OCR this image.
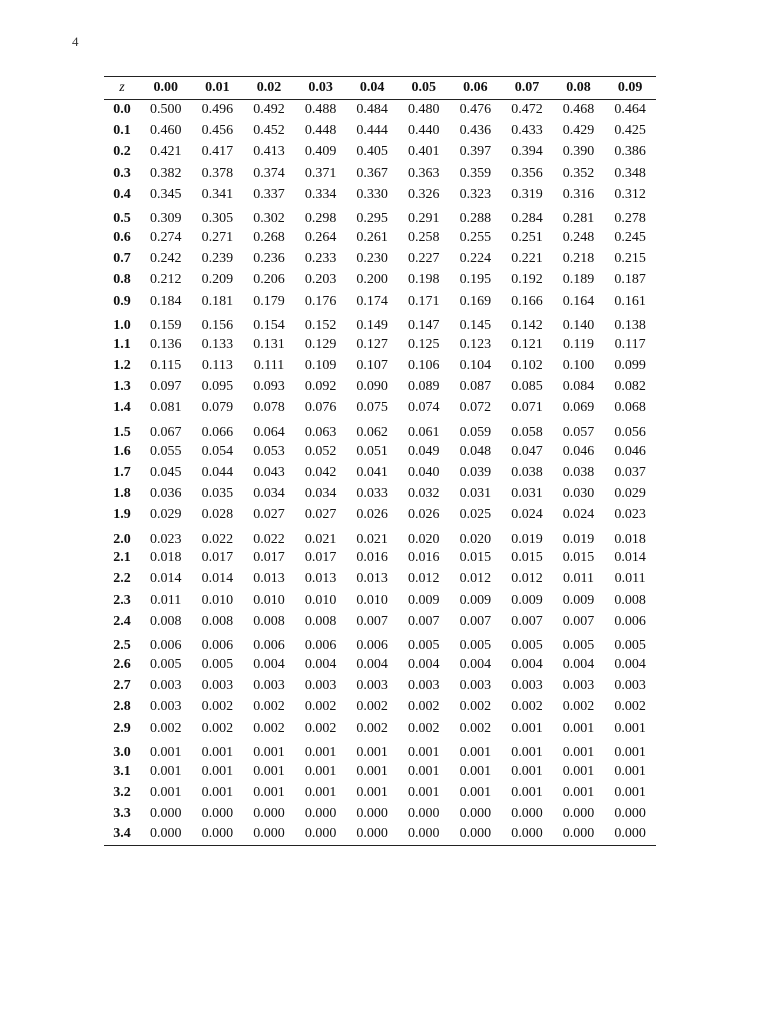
4
z	0.00	0.01	0.02	0.03	0.04	0.05	0.06	0.07	0.08	0.09
0.0	0.500	0.496	0.492	0.488	0.484	0.480	0.476	0.472	0.468	0.464
0.1	0.460	0.456	0.452	0.448	0.444	0.440	0.436	0.433	0.429	0.425
0.2	0.421	0.417	0.413	0.409	0.405	0.401	0.397	0.394	0.390	0.386
0.3	0.382	0.378	0.374	0.371	0.367	0.363	0.359	0.356	0.352	0.348
0.4	0.345	0.341	0.337	0.334	0.330	0.326	0.323	0.319	0.316	0.312
0.5	0.309	0.305	0.302	0.298	0.295	0.291	0.288	0.284	0.281	0.278
0.6	0.274	0.271	0.268	0.264	0.261	0.258	0.255	0.251	0.248	0.245
0.7	0.242	0.239	0.236	0.233	0.230	0.227	0.224	0.221	0.218	0.215
0.8	0.212	0.209	0.206	0.203	0.200	0.198	0.195	0.192	0.189	0.187
0.9	0.184	0.181	0.179	0.176	0.174	0.171	0.169	0.166	0.164	0.161
1.0	0.159	0.156	0.154	0.152	0.149	0.147	0.145	0.142	0.140	0.138
1.1	0.136	0.133	0.131	0.129	0.127	0.125	0.123	0.121	0.119	0.117
1.2	0.115	0.113	0.111	0.109	0.107	0.106	0.104	0.102	0.100	0.099
1.3	0.097	0.095	0.093	0.092	0.090	0.089	0.087	0.085	0.084	0.082
1.4	0.081	0.079	0.078	0.076	0.075	0.074	0.072	0.071	0.069	0.068
1.5	0.067	0.066	0.064	0.063	0.062	0.061	0.059	0.058	0.057	0.056
1.6	0.055	0.054	0.053	0.052	0.051	0.049	0.048	0.047	0.046	0.046
1.7	0.045	0.044	0.043	0.042	0.041	0.040	0.039	0.038	0.038	0.037
1.8	0.036	0.035	0.034	0.034	0.033	0.032	0.031	0.031	0.030	0.029
1.9	0.029	0.028	0.027	0.027	0.026	0.026	0.025	0.024	0.024	0.023
2.0	0.023	0.022	0.022	0.021	0.021	0.020	0.020	0.019	0.019	0.018
2.1	0.018	0.017	0.017	0.017	0.016	0.016	0.015	0.015	0.015	0.014
2.2	0.014	0.014	0.013	0.013	0.013	0.012	0.012	0.012	0.011	0.011
2.3	0.011	0.010	0.010	0.010	0.010	0.009	0.009	0.009	0.009	0.008
2.4	0.008	0.008	0.008	0.008	0.007	0.007	0.007	0.007	0.007	0.006
2.5	0.006	0.006	0.006	0.006	0.006	0.005	0.005	0.005	0.005	0.005
2.6	0.005	0.005	0.004	0.004	0.004	0.004	0.004	0.004	0.004	0.004
2.7	0.003	0.003	0.003	0.003	0.003	0.003	0.003	0.003	0.003	0.003
2.8	0.003	0.002	0.002	0.002	0.002	0.002	0.002	0.002	0.002	0.002
2.9	0.002	0.002	0.002	0.002	0.002	0.002	0.002	0.001	0.001	0.001
3.0	0.001	0.001	0.001	0.001	0.001	0.001	0.001	0.001	0.001	0.001
3.1	0.001	0.001	0.001	0.001	0.001	0.001	0.001	0.001	0.001	0.001
3.2	0.001	0.001	0.001	0.001	0.001	0.001	0.001	0.001	0.001	0.001
3.3	0.000	0.000	0.000	0.000	0.000	0.000	0.000	0.000	0.000	0.000
3.4	0.000	0.000	0.000	0.000	0.000	0.000	0.000	0.000	0.000	0.000
